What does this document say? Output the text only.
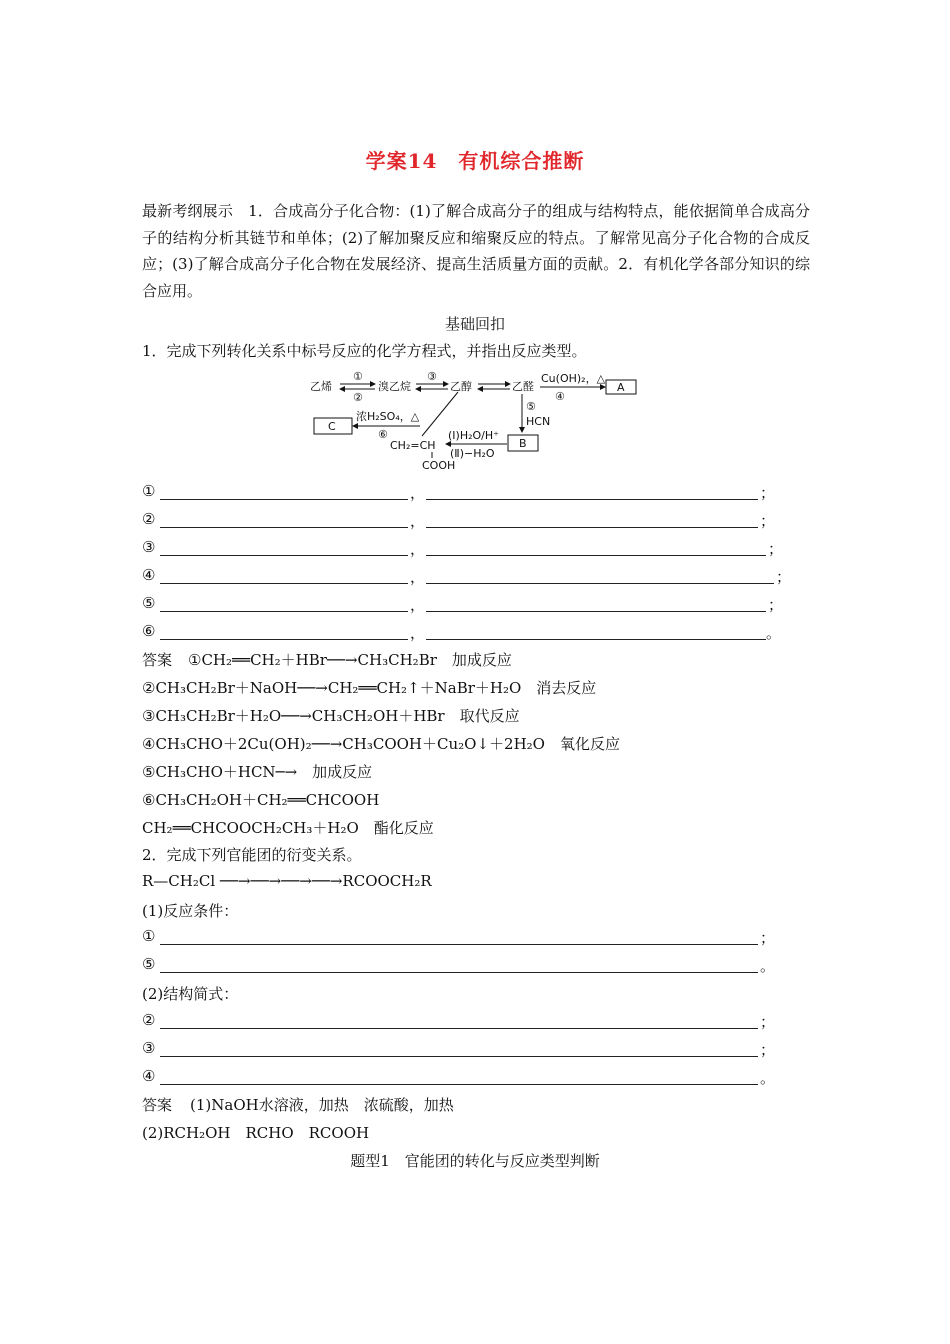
学案14　有机综合推断
最新考纲展示　1．合成高分子化合物：(1)了解合成高分子的组成与结构特点，能依据简单合成高分子的结构分析其链节和单体；(2)了解加聚反应和缩聚反应的特点。了解常见高分子化合物的合成反应；(3)了解合成高分子化合物在发展经济、提高生活质量方面的贡献。2．有机化学各部分知识的综合应用。
基础回扣
1．完成下列转化关系中标号反应的化学方程式，并指出反应类型。
乙烯	溴乙烷	乙醇	乙醛
①
②
③	Cu(OH)₂，△
④
A
⑤
HCN
B
C
浓H₂SO₄，△
⑥
CH₂=CH
COOH
(Ⅰ)H₂O/H⁺
(Ⅱ)−H₂O
①	，	；
②	，	；
③	，	；
④	，	；
⑤	，	；
⑥	，	。
答案 ①CH₂══CH₂＋HBr──→CH₃CH₂Br　加成反应
②CH₃CH₂Br＋NaOH──→CH₂══CH₂↑＋NaBr＋H₂O　消去反应
③CH₃CH₂Br＋H₂O──→CH₃CH₂OH＋HBr　取代反应
④CH₃CHO＋2Cu(OH)₂──→CH₃COOH＋Cu₂O↓＋2H₂O　氧化反应
⑤CH₃CHO＋HCN─→　加成反应
⑥CH₃CH₂OH＋CH₂══CHCOOH
CH₂══CHCOOCH₂CH₃＋H₂O　酯化反应
2．完成下列官能团的衍变关系。
R—CH₂Cl ──→──→──→──→RCOOCH₂R
(1)反应条件：
①	；
⑤	。
(2)结构简式：
②	；
③	；
④	。
答案 (1)NaOH水溶液，加热　浓硫酸，加热
(2)RCH₂OH　RCHO　RCOOH
题型1　官能团的转化与反应类型判断
